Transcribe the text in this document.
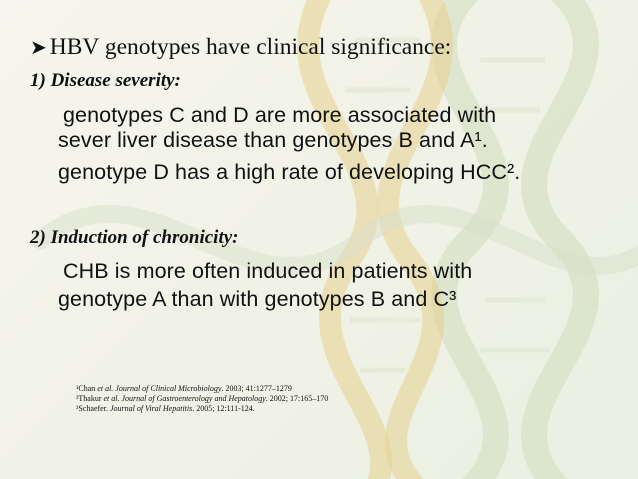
➤ HBV genotypes have clinical significance:
1) Disease severity:
genotypes C and D are more associated with
sever liver disease than genotypes B and A¹.
genotype D has a high rate of developing HCC².
2) Induction of chronicity:
CHB is more often induced in patients with
genotype A than with genotypes B and C³
¹Chan et al. Journal of Clinical Microbiology. 2003; 41:1277–1279
²Thakur et al. Journal of Gastroenterology and Hepatology. 2002; 17:165–170
³Schaefer. Journal of Viral Hepatitis. 2005; 12:111-124.
